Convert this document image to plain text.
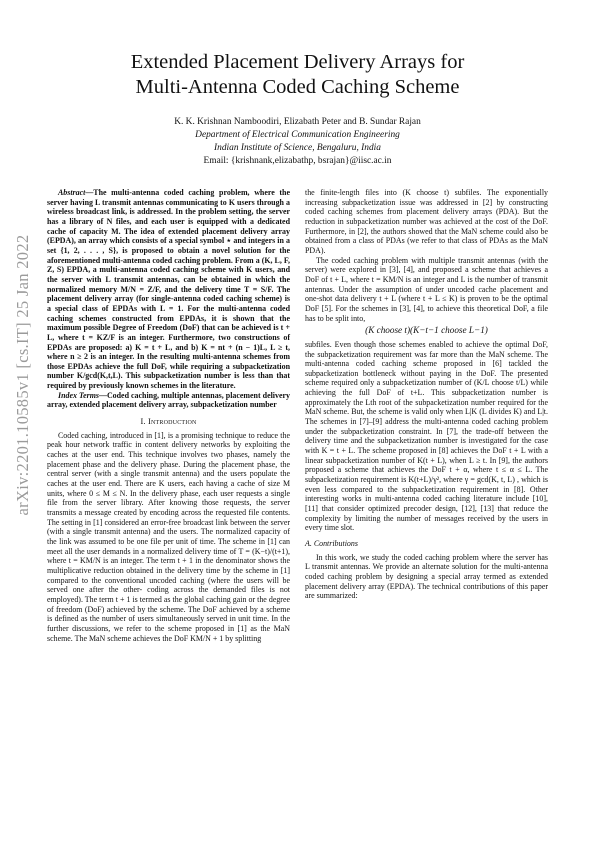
arXiv:2201.10585v1 [cs.IT] 25 Jan 2022
Extended Placement Delivery Arrays for
Multi-Antenna Coded Caching Scheme
K. K. Krishnan Namboodiri, Elizabath Peter and B. Sundar Rajan
Department of Electrical Communication Engineering
Indian Institute of Science, Bengaluru, India
Email: {krishnank,elizabathp, bsrajan}@iisc.ac.in

Abstract—The multi-antenna coded caching problem, where the server having L transmit antennas communicating to K users through a wireless broadcast link, is addressed. In the problem setting, the server has a library of N files, and each user is equipped with a dedicated cache of capacity M. The idea of extended placement delivery array (EPDA), an array which consists of a special symbol ⋆ and integers in a set {1, 2, . . . , S}, is proposed to obtain a novel solution for the aforementioned multi-antenna coded caching problem. From a (K, L, F, Z, S) EPDA, a multi-antenna coded caching scheme with K users, and the server with L transmit antennas, can be obtained in which the normalized memory M/N = Z/F, and the delivery time T = S/F. The placement delivery array (for single-antenna coded caching scheme) is a special class of EPDAs with L = 1. For the multi-antenna coded caching schemes constructed from EPDAs, it is shown that the maximum possible Degree of Freedom (DoF) that can be achieved is t + L, where t = KZ/F is an integer. Furthermore, two constructions of EPDAs are proposed: a) K = t + L, and b) K = nt + (n − 1)L, L ≥ t, where n ≥ 2 is an integer. In the resulting multi-antenna schemes from those EPDAs achieve the full DoF, while requiring a subpacketization number K/gcd(K,t,L). This subpacketization number is less than that required by previously known schemes in the literature.

Index Terms—Coded caching, multiple antennas, placement delivery array, extended placement delivery array, subpacketization number

I. Introduction

Coded caching, introduced in [1], is a promising technique to reduce the peak hour network traffic in content delivery networks by exploiting the caches at the user end. This technique involves two phases, namely the placement phase and the delivery phase. During the placement phase, the central server (with a single transmit antenna) and the users populate the caches at the user end. There are K users, each having a cache of size M units, where 0 ≤ M ≤ N. In the delivery phase, each user requests a single file from the server library. After knowing those requests, the server transmits a message created by encoding across the requested file contents. The setting in [1] considered an error-free broadcast link between the server (with a single transmit antenna) and the users. The normalized capacity of the link was assumed to be one file per unit of time. The scheme in [1] can meet all the user demands in a normalized delivery time of T = (K−t)/(t+1), where t = KM/N is an integer. The term t + 1 in the denominator shows the multiplicative reduction obtained in the delivery time by the scheme in [1] compared to the conventional uncoded caching (where the users will be served one after the other- coding across the demanded files is not employed). The term t + 1 is termed as the global caching gain or the degree of freedom (DoF) achieved by the scheme. The DoF achieved by a scheme is defined as the number of users simultaneously served in unit time. In the further discussions, we refer to the scheme proposed in [1] as the MaN scheme. The MaN scheme achieves the DoF KM/N + 1 by splitting

the finite-length files into (K choose t) subfiles. The exponentially increasing subpacketization issue was addressed in [2] by constructing coded caching schemes from placement delivery arrays (PDA). But the reduction in subpacketization number was achieved at the cost of the DoF. Furthermore, in [2], the authors showed that the MaN scheme could also be obtained from a class of PDAs (we refer to that class of PDAs as the MaN PDA).

The coded caching problem with multiple transmit antennas (with the server) were explored in [3], [4], and proposed a scheme that achieves a DoF of t + L, where t = KM/N is an integer and L is the number of transmit antennas. Under the assumption of under uncoded cache placement and one-shot data delivery t + L (where t + L ≤ K) is proven to be the optimal DoF [5]. For the schemes in [3], [4], to achieve this theoretical DoF, a file has to be split into,

(K choose t)(K−t−1 choose L−1)

subfiles. Even though those schemes enabled to achieve the optimal DoF, the subpacketization requirement was far more than the MaN scheme. The multi-antenna coded caching scheme proposed in [6] tackled the subpacketization bottleneck without paying in the DoF. The presented scheme required only a subpacketization number of (K/L choose t/L) while achieving the full DoF of t+L. This subpacketization number is approximately the Lth root of the subpacketization number required for the MaN scheme. But, the scheme is valid only when L|K (L divides K) and L|t. The schemes in [7]–[9] address the multi-antenna coded caching problem under the subpacketization constraint. In [7], the trade-off between the delivery time and the subpacketization number is investigated for the case with K = t + L. The scheme proposed in [8] achieves the DoF t + L with a linear subpacketization number of K(t + L), when L ≥ t. In [9], the authors proposed a scheme that achieves the DoF t + α, where t ≤ α ≤ L. The subpacketization requirement is K(t+L)/γ², where γ = gcd(K, t, L) , which is even less compared to the subpacketization requirement in [8]. Other interesting works in multi-antenna coded caching literature include [10], [11] that consider optimized precoder design, [12], [13] that reduce the complexity by limiting the number of messages received by the users in every time slot.

A. Contributions

In this work, we study the coded caching problem where the server has L transmit antennas. We provide an alternate solution for the multi-antenna coded caching problem by designing a special array termed as extended placement delivery array (EPDA). The technical contributions of this paper are summarized:
